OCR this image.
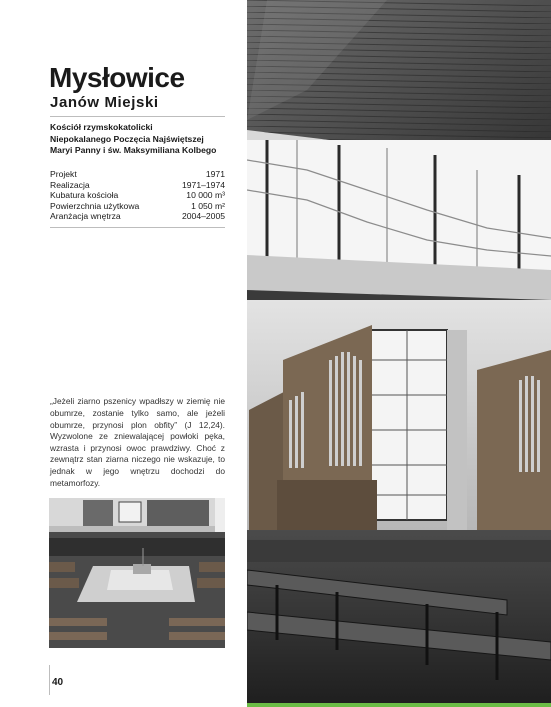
Mysłowice
Janów Miejski
Kościół rzymskokatolicki
Niepokalanego Poczęcia Najświętszej
Maryi Panny i św. Maksymiliana Kolbego
Projekt	1971
Realizacja	1971–1974
Kubatura kościoła	10 000 m³
Powierzchnia użytkowa	1 050 m²
Aranżacja wnętrza	2004–2005

„Jeżeli ziarno pszenicy wpadłszy w ziemię nie obumrze, zostanie tylko samo, ale jeżeli obumrze, przynosi plon obfity” (J 12,24). Wyzwolone ze zniewalającej powłoki pęka, wzrasta i przynosi owoc prawdziwy. Choć z zewnątrz stan ziarna niczego nie wskazuje, to jednak w jego wnętrzu dochodzi do metamorfozy.

40
